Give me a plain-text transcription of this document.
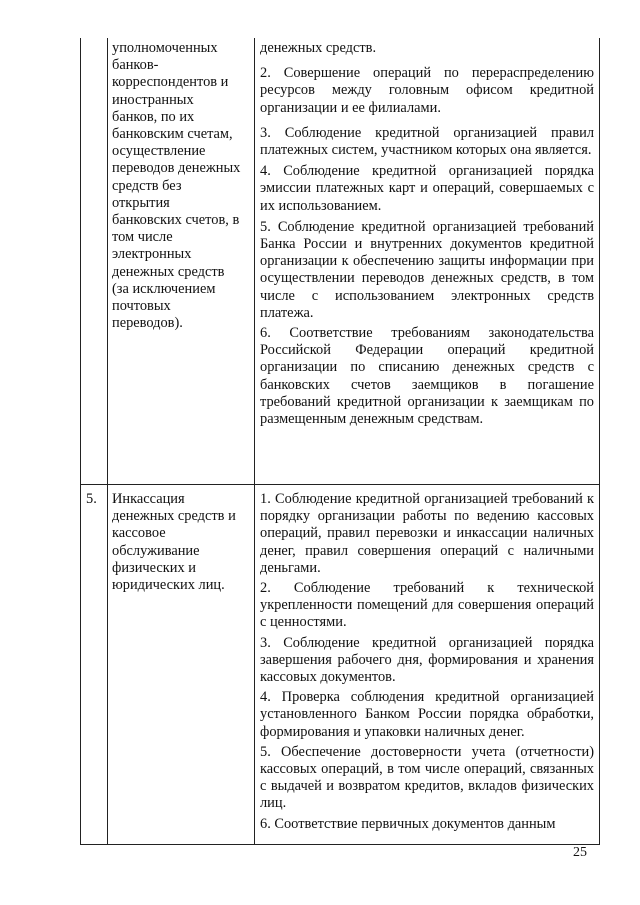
уполномоченных
банков-
корреспондентов и
иностранных
банков, по их
банковским счетам,
осуществление
переводов денежных
средств без
открытия
банковских счетов, в
том числе
электронных
денежных средств
(за исключением
почтовых
переводов).

денежных средств.

2. Совершение операций по перераспределению ресурсов между головным офисом кредитной организации и ее филиалами.

3. Соблюдение кредитной организацией правил платежных систем, участником которых она является.

4. Соблюдение кредитной организацией порядка эмиссии платежных карт и операций, совершаемых с их использованием.

5. Соблюдение кредитной организацией требований Банка России и внутренних документов кредитной организации к обеспечению защиты информации при осуществлении переводов денежных средств, в том числе с использованием электронных средств платежа.

6. Соответствие требованиям законодательства Российской Федерации операций кредитной организации по списанию денежных средств с банковских счетов заемщиков в погашение требований кредитной организации к заемщикам по размещенным денежным средствам.

5.	Инкассация
денежных средств и
кассовое
обслуживание
физических и
юридических лиц.

1. Соблюдение кредитной организацией требований к порядку организации работы по ведению кассовых операций, правил перевозки и инкассации наличных денег, правил совершения операций с наличными деньгами.

2. Соблюдение требований к технической укрепленности помещений для совершения операций с ценностями.

3. Соблюдение кредитной организацией порядка завершения рабочего дня, формирования и хранения кассовых документов.

4. Проверка соблюдения кредитной организацией установленного Банком России порядка обработки, формирования и упаковки наличных денег.

5. Обеспечение достоверности учета (отчетности) кассовых операций, в том числе операций, связанных с выдачей и возвратом кредитов, вкладов физических лиц.

6. Соответствие первичных документов данным

25
